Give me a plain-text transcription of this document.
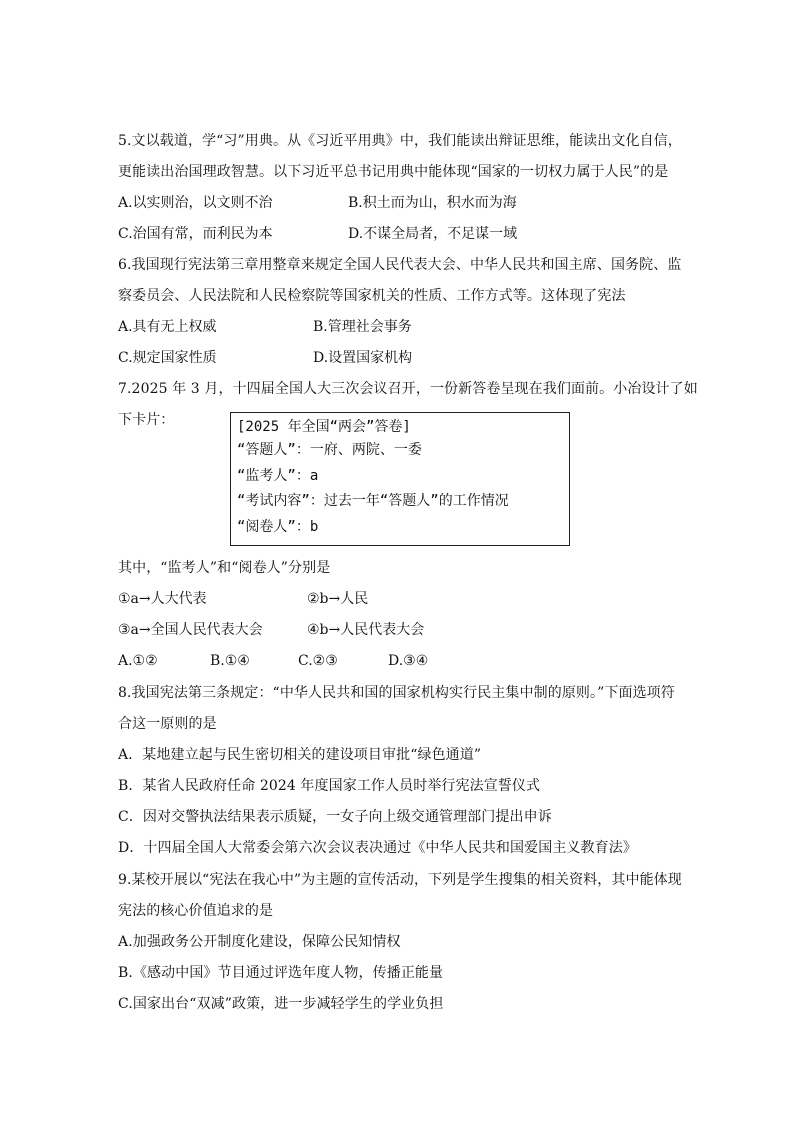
5.文以载道，学“习”用典。从《习近平用典》中，我们能读出辩证思维，能读出文化自信，
更能读出治国理政智慧。以下习近平总书记用典中能体现“国家的一切权力属于人民”的是
A.以实则治，以文则不治	B.积土而为山，积水而为海
C.治国有常，而利民为本	D.不谋全局者，不足谋一域
6.我国现行宪法第三章用整章来规定全国人民代表大会、中华人民共和国主席、国务院、监
察委员会、人民法院和人民检察院等国家机关的性质、工作方式等。这体现了宪法
A.具有无上权威	B.管理社会事务
C.规定国家性质	D.设置国家机构
7.2025 年 3 月，十四届全国人大三次会议召开，一份新答卷呈现在我们面前。小冶设计了如
下卡片：	[2025 年全国“两会”答卷]
“答题人”：一府、两院、一委
“监考人”：a
“考试内容”：过去一年“答题人”的工作情况
“阅卷人”：b
其中，“监考人”和“阅卷人”分别是
①a→人大代表	②b→人民
③a→全国人民代表大会	④b→人民代表大会
A.①②	B.①④	C.②③	D.③④
8.我国宪法第三条规定：“中华人民共和国的国家机构实行民主集中制的原则。”下面选项符
合这一原则的是
A．某地建立起与民生密切相关的建设项目审批“绿色通道”
B．某省人民政府任命 2024 年度国家工作人员时举行宪法宣誓仪式
C．因对交警执法结果表示质疑，一女子向上级交通管理部门提出申诉
D．十四届全国人大常委会第六次会议表决通过《中华人民共和国爱国主义教育法》
9.某校开展以“宪法在我心中”为主题的宣传活动，下列是学生搜集的相关资料，其中能体现
宪法的核心价值追求的是
A.加强政务公开制度化建设，保障公民知情权
B.《感动中国》节目通过评选年度人物，传播正能量
C.国家出台“双减”政策，进一步减轻学生的学业负担
